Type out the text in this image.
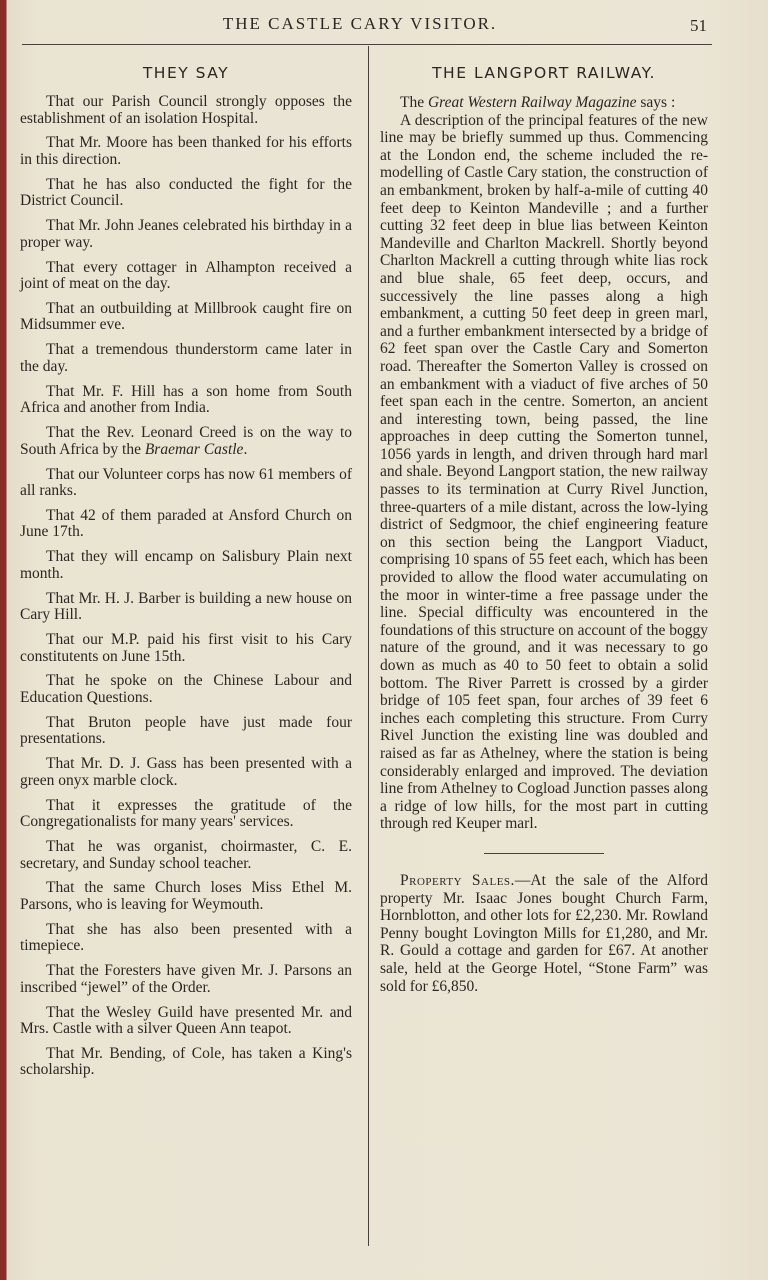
THE CASTLE CARY VISITOR.	51
THEY SAY

That our Parish Council strongly opposes the establishment of an isolation Hospital.

That Mr. Moore has been thanked for his efforts in this direction.

That he has also conducted the fight for the District Council.

That Mr. John Jeanes celebrated his birthday in a proper way.

That every cottager in Alhampton received a joint of meat on the day.

That an outbuilding at Millbrook caught fire on Midsummer eve.

That a tremendous thunderstorm came later in the day.

That Mr. F. Hill has a son home from South Africa and another from India.

That the Rev. Leonard Creed is on the way to South Africa by the Braemar Castle.

That our Volunteer corps has now 61 members of all ranks.

That 42 of them paraded at Ansford Church on June 17th.

That they will encamp on Salisbury Plain next month.

That Mr. H. J. Barber is building a new house on Cary Hill.

That our M.P. paid his first visit to his Cary constitutents on June 15th.

That he spoke on the Chinese Labour and Education Questions.

That Bruton people have just made four presentations.

That Mr. D. J. Gass has been presented with a green onyx marble clock.

That it expresses the gratitude of the Congregationalists for many years' services.

That he was organist, choirmaster, C. E. secretary, and Sunday school teacher.

That the same Church loses Miss Ethel M. Parsons, who is leaving for Weymouth.

That she has also been presented with a timepiece.

That the Foresters have given Mr. J. Parsons an inscribed “jewel” of the Order.

That the Wesley Guild have presented Mr. and Mrs. Castle with a silver Queen Ann teapot.

That Mr. Bending, of Cole, has taken a King's scholarship.

THE LANGPORT RAILWAY.

The Great Western Railway Magazine says :

A description of the principal features of the new line may be briefly summed up thus. Commencing at the London end, the scheme included the re-modelling of Castle Cary station, the construction of an embankment, broken by half-a-mile of cutting 40 feet deep to Keinton Mandeville ; and a further cutting 32 feet deep in blue lias between Keinton Mandeville and Charlton Mackrell. Shortly beyond Charlton Mackrell a cutting through white lias rock and blue shale, 65 feet deep, occurs, and successively the line passes along a high embankment, a cutting 50 feet deep in green marl, and a further embankment intersected by a bridge of 62 feet span over the Castle Cary and Somerton road. Thereafter the Somerton Valley is crossed on an embankment with a viaduct of five arches of 50 feet span each in the centre. Somerton, an ancient and interesting town, being passed, the line approaches in deep cutting the Somerton tunnel, 1056 yards in length, and driven through hard marl and shale. Beyond Langport station, the new railway passes to its termination at Curry Rivel Junction, three-quarters of a mile distant, across the low-lying district of Sedgmoor, the chief engineering feature on this section being the Langport Viaduct, comprising 10 spans of 55 feet each, which has been provided to allow the flood water accumulating on the moor in winter-time a free passage under the line. Special difficulty was encountered in the foundations of this structure on account of the boggy nature of the ground, and it was necessary to go down as much as 40 to 50 feet to obtain a solid bottom. The River Parrett is crossed by a girder bridge of 105 feet span, four arches of 39 feet 6 inches each completing this structure. From Curry Rivel Junction the existing line was doubled and raised as far as Athelney, where the station is being considerably enlarged and improved. The deviation line from Athelney to Cogload Junction passes along a ridge of low hills, for the most part in cutting through red Keuper marl.

Property Sales.—At the sale of the Alford property Mr. Isaac Jones bought Church Farm, Hornblotton, and other lots for £2,230. Mr. Rowland Penny bought Lovington Mills for £1,280, and Mr. R. Gould a cottage and garden for £67. At another sale, held at the George Hotel, “Stone Farm” was sold for £6,850.
